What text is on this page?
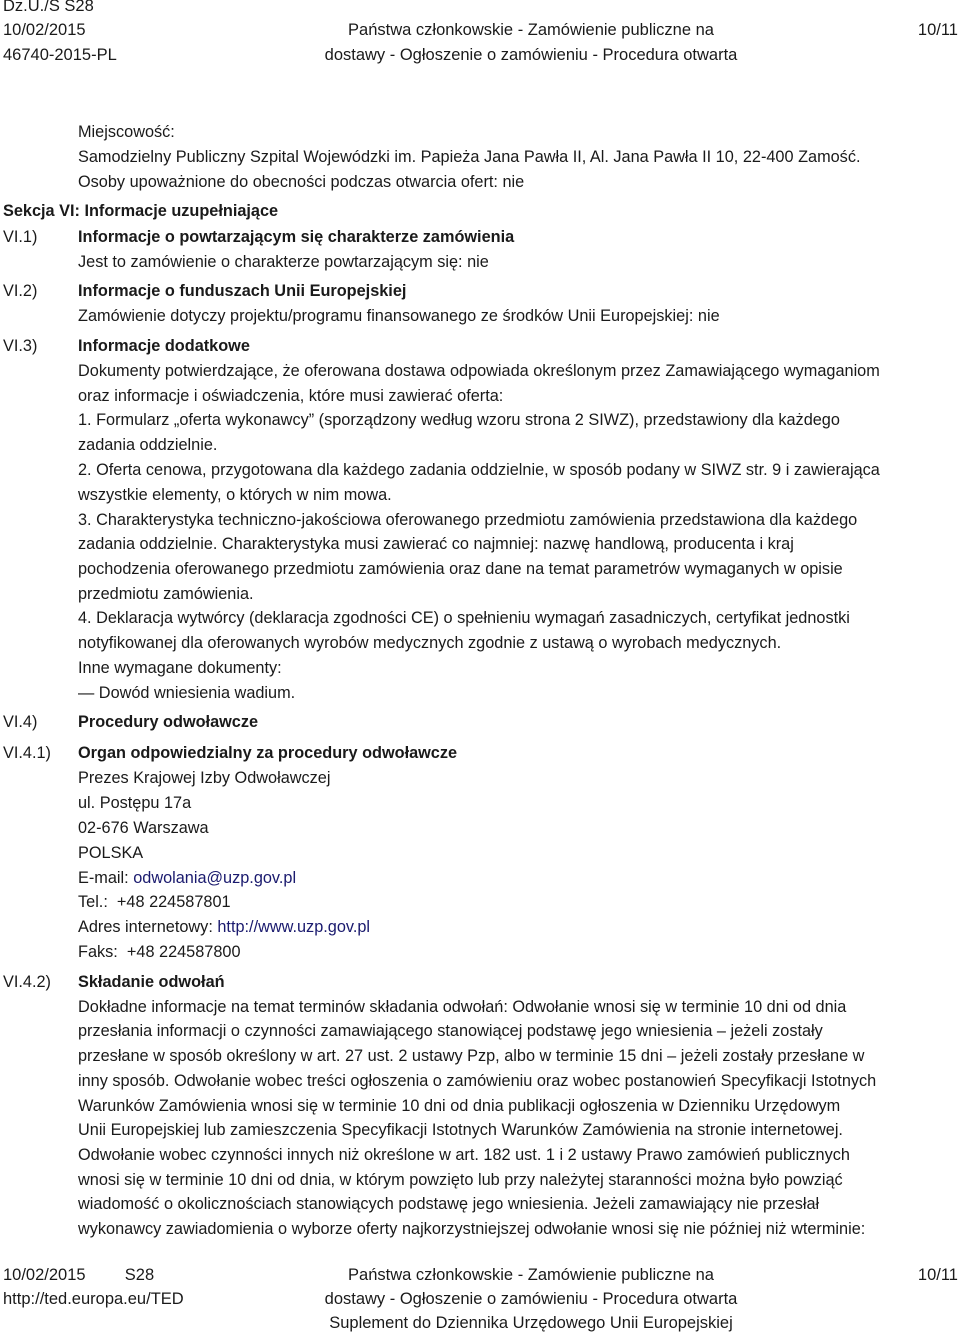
Dz.U./S S28
10/02/2015
46740-2015-PL
Państwa członkowskie - Zamówienie publiczne na
dostawy - Ogłoszenie o zamówieniu - Procedura otwarta
10/11
Miejscowość:
Samodzielny Publiczny Szpital Wojewódzki im. Papieża Jana Pawła II, Al. Jana Pawła II 10, 22-400 Zamość.
Osoby upoważnione do obecności podczas otwarcia ofert: nie
Sekcja VI: Informacje uzupełniające
VI.1) Informacje o powtarzającym się charakterze zamówienia
Jest to zamówienie o charakterze powtarzającym się: nie
VI.2) Informacje o funduszach Unii Europejskiej
Zamówienie dotyczy projektu/programu finansowanego ze środków Unii Europejskiej: nie
VI.3) Informacje dodatkowe
Dokumenty potwierdzające, że oferowana dostawa odpowiada określonym przez Zamawiającego wymaganiom
oraz informacje i oświadczenia, które musi zawierać oferta:
1. Formularz „oferta wykonawcy” (sporządzony według wzoru strona 2 SIWZ), przedstawiony dla każdego
zadania oddzielnie.
2. Oferta cenowa, przygotowana dla każdego zadania oddzielnie, w sposób podany w SIWZ str. 9 i zawierająca
wszystkie elementy, o których w nim mowa.
3. Charakterystyka techniczno-jakościowa oferowanego przedmiotu zamówienia przedstawiona dla każdego
zadania oddzielnie. Charakterystyka musi zawierać co najmniej: nazwę handlową, producenta i kraj
pochodzenia oferowanego przedmiotu zamówienia oraz dane na temat parametrów wymaganych w opisie
przedmiotu zamówienia.
4. Deklaracja wytwórcy (deklaracja zgodności CE) o spełnieniu wymagań zasadniczych, certyfikat jednostki
notyfikowanej dla oferowanych wyrobów medycznych zgodnie z ustawą o wyrobach medycznych.
Inne wymagane dokumenty:
— Dowód wniesienia wadium.
VI.4) Procedury odwoławcze
VI.4.1) Organ odpowiedzialny za procedury odwoławcze
Prezes Krajowej Izby Odwoławczej
ul. Postępu 17a
02-676 Warszawa
POLSKA
E-mail: odwolania@uzp.gov.pl
Tel.: +48 224587801
Adres internetowy: http://www.uzp.gov.pl
Faks: +48 224587800
VI.4.2) Składanie odwołań
Dokładne informacje na temat terminów składania odwołań: Odwołanie wnosi się w terminie 10 dni od dnia
przesłania informacji o czynności zamawiającego stanowiącej podstawę jego wniesienia – jeżeli zostały
przesłane w sposób określony w art. 27 ust. 2 ustawy Pzp, albo w terminie 15 dni – jeżeli zostały przesłane w
inny sposób. Odwołanie wobec treści ogłoszenia o zamówieniu oraz wobec postanowień Specyfikacji Istotnych
Warunków Zamówienia wnosi się w terminie 10 dni od dnia publikacji ogłoszenia w Dzienniku Urzędowym
Unii Europejskiej lub zamieszczenia Specyfikacji Istotnych Warunków Zamówienia na stronie internetowej.
Odwołanie wobec czynności innych niż określone w art. 182 ust. 1 i 2 ustawy Prawo zamówień publicznych
wnosi się w terminie 10 dni od dnia, w którym powzięto lub przy należytej staranności można było powziąć
wiadomość o okolicznościach stanowiących podstawę jego wniesienia. Jeżeli zamawiający nie przesłał
wykonawcy zawiadomienia o wyborze oferty najkorzystniejszej odwołanie wnosi się nie później niż wterminie:
10/02/2015 S28
http://ted.europa.eu/TED
Państwa członkowskie - Zamówienie publiczne na
dostawy - Ogłoszenie o zamówieniu - Procedura otwarta
Suplement do Dziennika Urzędowego Unii Europejskiej
10/11
